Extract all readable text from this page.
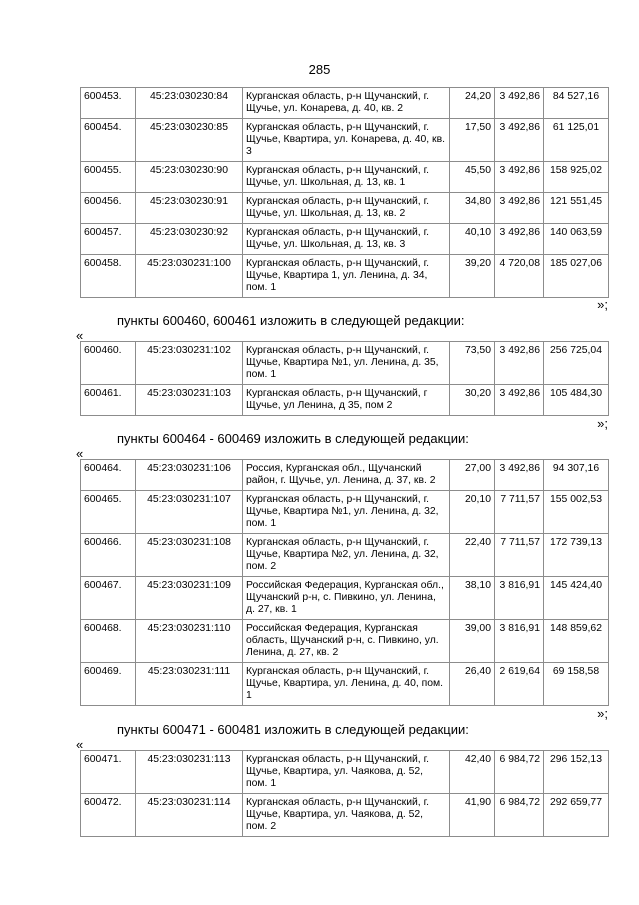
285
600453.	45:23:030230:84	Курганская область, р-н Щучанский, г. Щучье, ул. Конарева, д. 40, кв. 2	24,20	3 492,86	84 527,16
600454.	45:23:030230:85	Курганская область, р-н Щучанский, г. Щучье, Квартира, ул. Конарева, д. 40, кв. 3	17,50	3 492,86	61 125,01
600455.	45:23:030230:90	Курганская область, р-н Щучанский, г. Щучье, ул. Школьная, д. 13, кв. 1	45,50	3 492,86	158 925,02
600456.	45:23:030230:91	Курганская область, р-н Щучанский, г. Щучье, ул. Школьная, д. 13, кв. 2	34,80	3 492,86	121 551,45
600457.	45:23:030230:92	Курганская область, р-н Щучанский, г. Щучье, ул. Школьная, д. 13, кв. 3	40,10	3 492,86	140 063,59
600458.	45:23:030231:100	Курганская область, р-н Щучанский, г. Щучье, Квартира 1, ул. Ленина, д. 34, пом. 1	39,20	4 720,08	185 027,06
»;
пункты 600460, 600461 изложить в следующей редакции:
«
600460.	45:23:030231:102	Курганская область, р-н Щучанский, г. Щучье, Квартира №1, ул. Ленина, д. 35, пом. 1	73,50	3 492,86	256 725,04
600461.	45:23:030231:103	Курганская область, р-н Щучанский, г Щучье, ул Ленина, д 35, пом 2	30,20	3 492,86	105 484,30
»;
пункты 600464 - 600469 изложить в следующей редакции:
«
600464.	45:23:030231:106	Россия, Курганская обл., Щучанский район, г. Щучье, ул. Ленина, д. 37, кв. 2	27,00	3 492,86	94 307,16
600465.	45:23:030231:107	Курганская область, р-н Щучанский, г. Щучье, Квартира №1, ул. Ленина, д. 32, пом. 1	20,10	7 711,57	155 002,53
600466.	45:23:030231:108	Курганская область, р-н Щучанский, г. Щучье, Квартира №2, ул. Ленина, д. 32, пом. 2	22,40	7 711,57	172 739,13
600467.	45:23:030231:109	Российская Федерация, Курганская обл., Щучанский р-н, с. Пивкино, ул. Ленина, д. 27, кв. 1	38,10	3 816,91	145 424,40
600468.	45:23:030231:110	Российская Федерация, Курганская область, Щучанский р-н, с. Пивкино, ул. Ленина, д. 27, кв. 2	39,00	3 816,91	148 859,62
600469.	45:23:030231:111	Курганская область, р-н Щучанский, г. Щучье, Квартира, ул. Ленина, д. 40, пом. 1	26,40	2 619,64	69 158,58
»;
пункты 600471 - 600481 изложить в следующей редакции:
«
600471.	45:23:030231:113	Курганская область, р-н Щучанский, г. Щучье, Квартира, ул. Чаякова, д. 52, пом. 1	42,40	6 984,72	296 152,13
600472.	45:23:030231:114	Курганская область, р-н Щучанский, г. Щучье, Квартира, ул. Чаякова, д. 52, пом. 2	41,90	6 984,72	292 659,77
